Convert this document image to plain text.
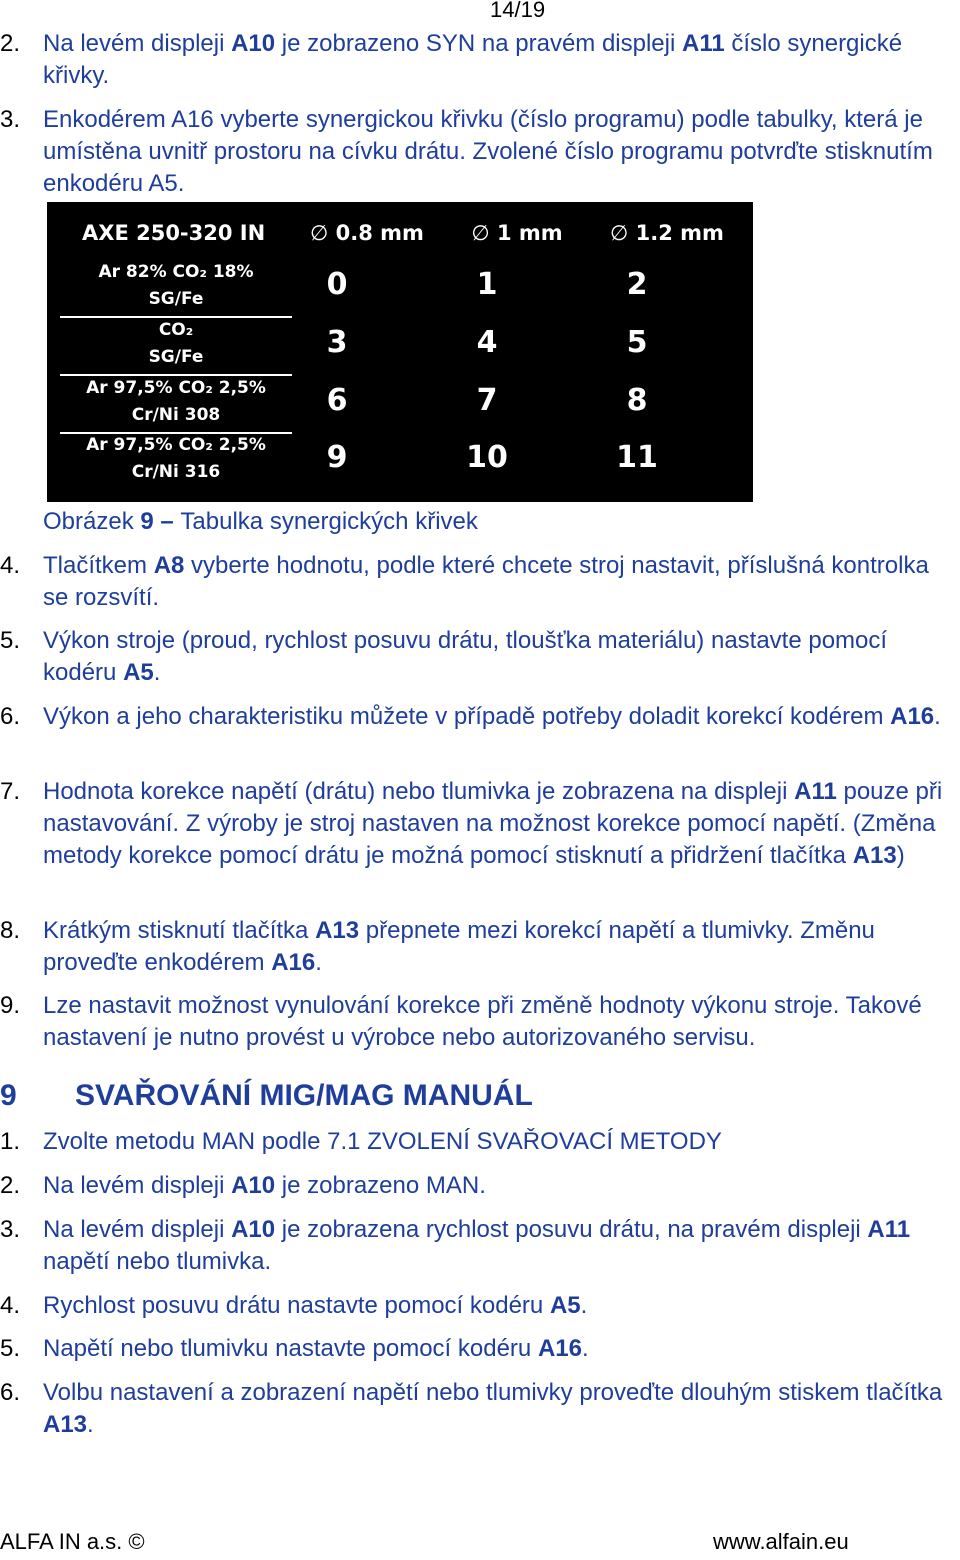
14/19
2. Na levém displeji A10 je zobrazeno SYN na pravém displeji A11 číslo synergické křivky.
3. Enkodérem A16 vyberte synergickou křivku (číslo programu) podle tabulky, která je umístěna uvnitř prostoru na cívku drátu. Zvolené číslo programu potvrďte stisknutím enkodéru A5.
AXE 250-320 IN	∅ 0.8 mm	∅ 1 mm	∅ 1.2 mm
Ar 82% CO₂ 18%
SG/Fe	0	1	2
CO₂
SG/Fe	3	4	5
Ar 97,5% CO₂ 2,5%
Cr/Ni 308	6	7	8
Ar 97,5% CO₂ 2,5%
Cr/Ni 316	9	10	11
Obrázek 9 – Tabulka synergických křivek
4. Tlačítkem A8 vyberte hodnotu, podle které chcete stroj nastavit, příslušná kontrolka se rozsvítí.
5. Výkon stroje (proud, rychlost posuvu drátu, tloušťka materiálu) nastavte pomocí kodéru A5.
6. Výkon a jeho charakteristiku můžete v případě potřeby doladit korekcí kodérem A16.
7. Hodnota korekce napětí (drátu) nebo tlumivka je zobrazena na displeji A11 pouze při nastavování. Z výroby je stroj nastaven na možnost korekce pomocí napětí. (Změna metody korekce pomocí drátu je možná pomocí stisknutí a přidržení tlačítka A13)
8. Krátkým stisknutí tlačítka A13 přepnete mezi korekcí napětí a tlumivky. Změnu proveďte enkodérem A16.
9. Lze nastavit možnost vynulování korekce při změně hodnoty výkonu stroje. Takové nastavení je nutno provést u výrobce nebo autorizovaného servisu.
9 SVAŘOVÁNÍ MIG/MAG MANUÁL
1. Zvolte metodu MAN podle 7.1 ZVOLENÍ SVAŘOVACÍ METODY
2. Na levém displeji A10 je zobrazeno MAN.
3. Na levém displeji A10 je zobrazena rychlost posuvu drátu, na pravém displeji A11 napětí nebo tlumivka.
4. Rychlost posuvu drátu nastavte pomocí kodéru A5.
5. Napětí nebo tlumivku nastavte pomocí kodéru A16.
6. Volbu nastavení a zobrazení napětí nebo tlumivky proveďte dlouhým stiskem tlačítka A13.
ALFA IN a.s. ©	www.alfain.eu
